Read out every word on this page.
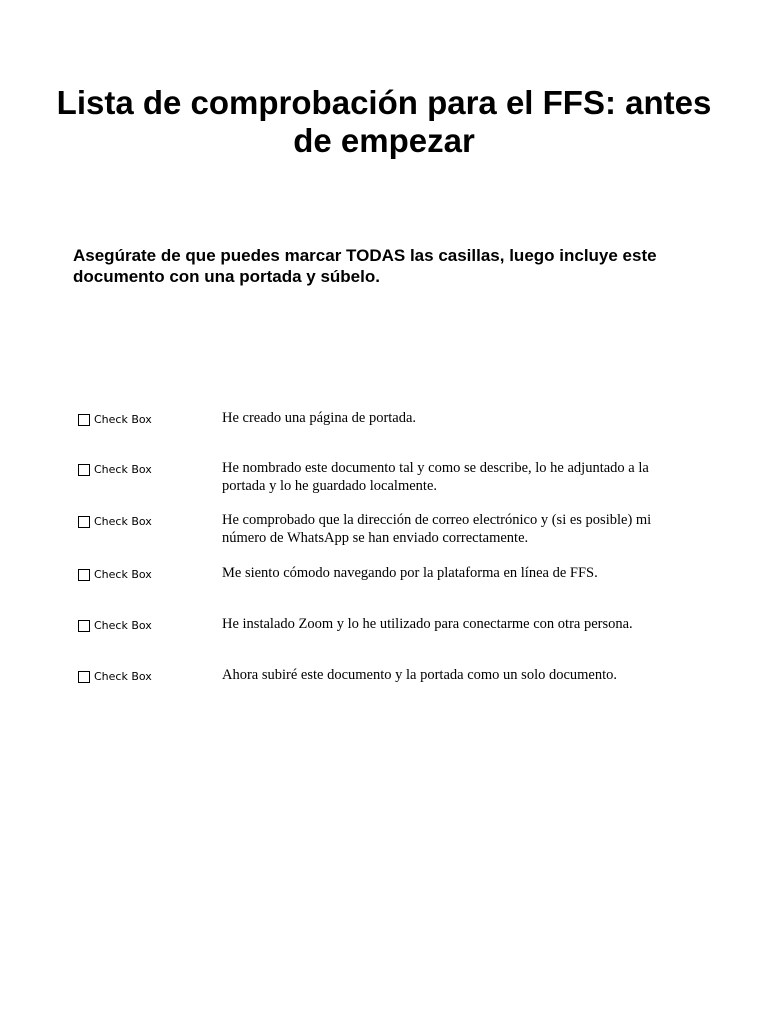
Lista de comprobación para el FFS: antes de empezar

Asegúrate de que puedes marcar TODAS las casillas, luego incluye este documento con una portada y súbelo.

Check Box	He creado una página de portada.

Check Box	He nombrado este documento tal y como se describe, lo he adjuntado a la portada y lo he guardado localmente.

Check Box	He comprobado que la dirección de correo electrónico y (si es posible) mi número de WhatsApp se han enviado correctamente.

Check Box	Me siento cómodo navegando por la plataforma en línea de FFS.

Check Box	He instalado Zoom y lo he utilizado para conectarme con otra persona.

Check Box	Ahora subiré este documento y la portada como un solo documento.
